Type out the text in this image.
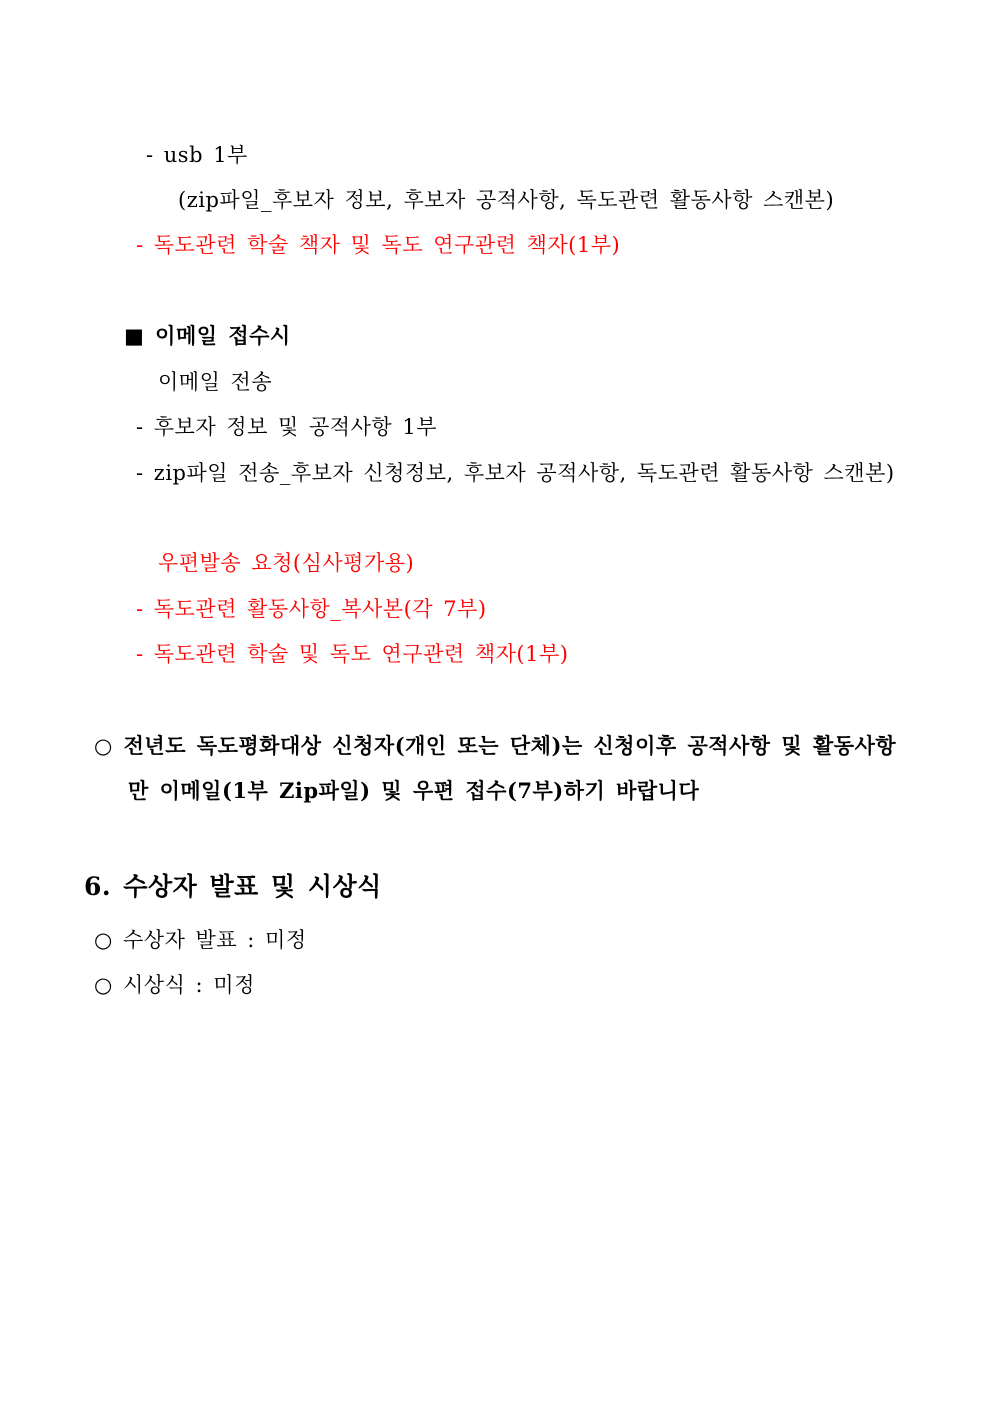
- usb 1부
(zip파일_후보자 정보, 후보자 공적사항, 독도관련 활동사항 스캔본)
- 독도관련 학술 책자 및 독도 연구관련 책자(1부)
■ 이메일 접수시
이메일 전송
- 후보자 정보 및 공적사항 1부
- zip파일 전송_후보자 신청정보, 후보자 공적사항, 독도관련 활동사항 스캔본)
우편발송 요청(심사평가용)
- 독도관련 활동사항_복사본(각 7부)
- 독도관련 학술 및 독도 연구관련 책자(1부)
○ 전년도 독도평화대상 신청자(개인 또는 단체)는 신청이후 공적사항 및 활동사항
만 이메일(1부 Zip파일) 및 우편 접수(7부)하기 바랍니다
6. 수상자 발표 및 시상식
○ 수상자 발표 : 미정
○ 시상식 : 미정
